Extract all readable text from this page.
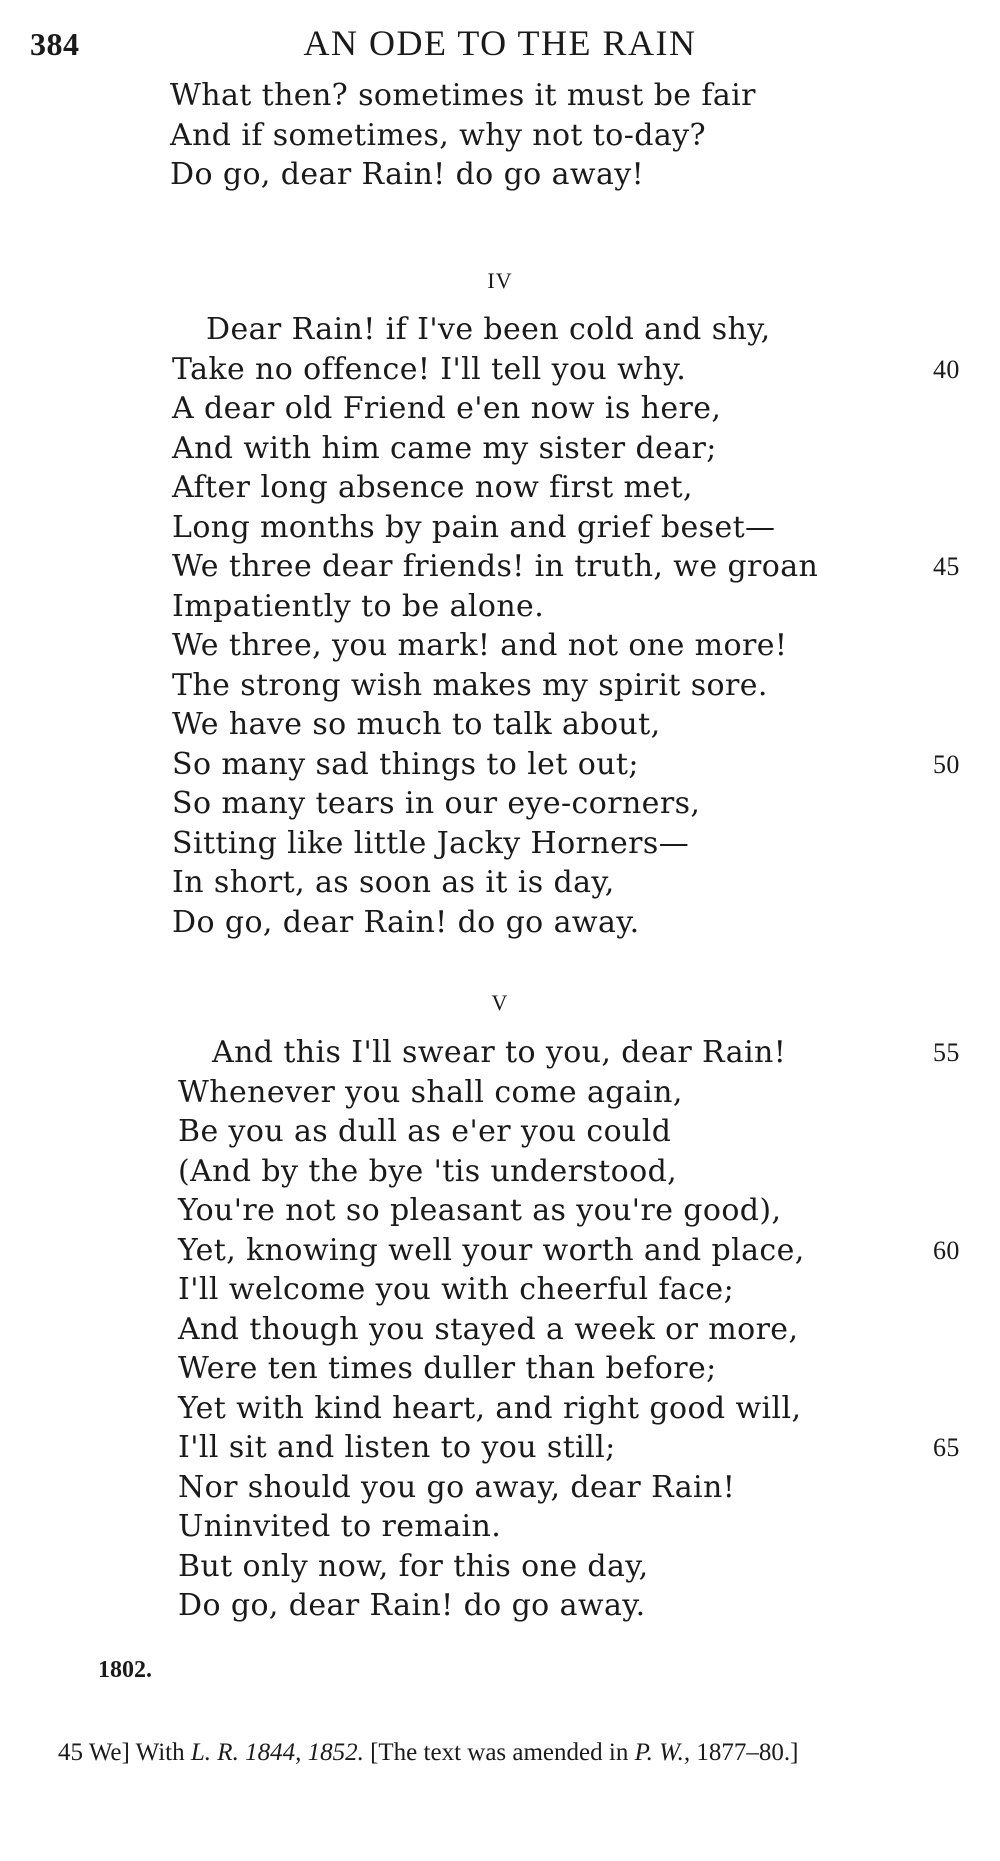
384	AN ODE TO THE RAIN
What then? sometimes it must be fair
And if sometimes, why not to-day?
Do go, dear Rain! do go away!
IV
Dear Rain! if I've been cold and shy,
Take no offence! I'll tell you why.	40
A dear old Friend e'en now is here,
And with him came my sister dear;
After long absence now first met,
Long months by pain and grief beset—
We three dear friends! in truth, we groan	45
Impatiently to be alone.
We three, you mark! and not one more!
The strong wish makes my spirit sore.
We have so much to talk about,
So many sad things to let out;	50
So many tears in our eye-corners,
Sitting like little Jacky Horners—
In short, as soon as it is day,
Do go, dear Rain! do go away.
V
And this I'll swear to you, dear Rain!	55
Whenever you shall come again,
Be you as dull as e'er you could
(And by the bye 'tis understood,
You're not so pleasant as you're good),
Yet, knowing well your worth and place,	60
I'll welcome you with cheerful face;
And though you stayed a week or more,
Were ten times duller than before;
Yet with kind heart, and right good will,
I'll sit and listen to you still;	65
Nor should you go away, dear Rain!
Uninvited to remain.
But only now, for this one day,
Do go, dear Rain! do go away.
1802.
45 We] With L. R. 1844, 1852. [The text was amended in P. W., 1877–80.]
